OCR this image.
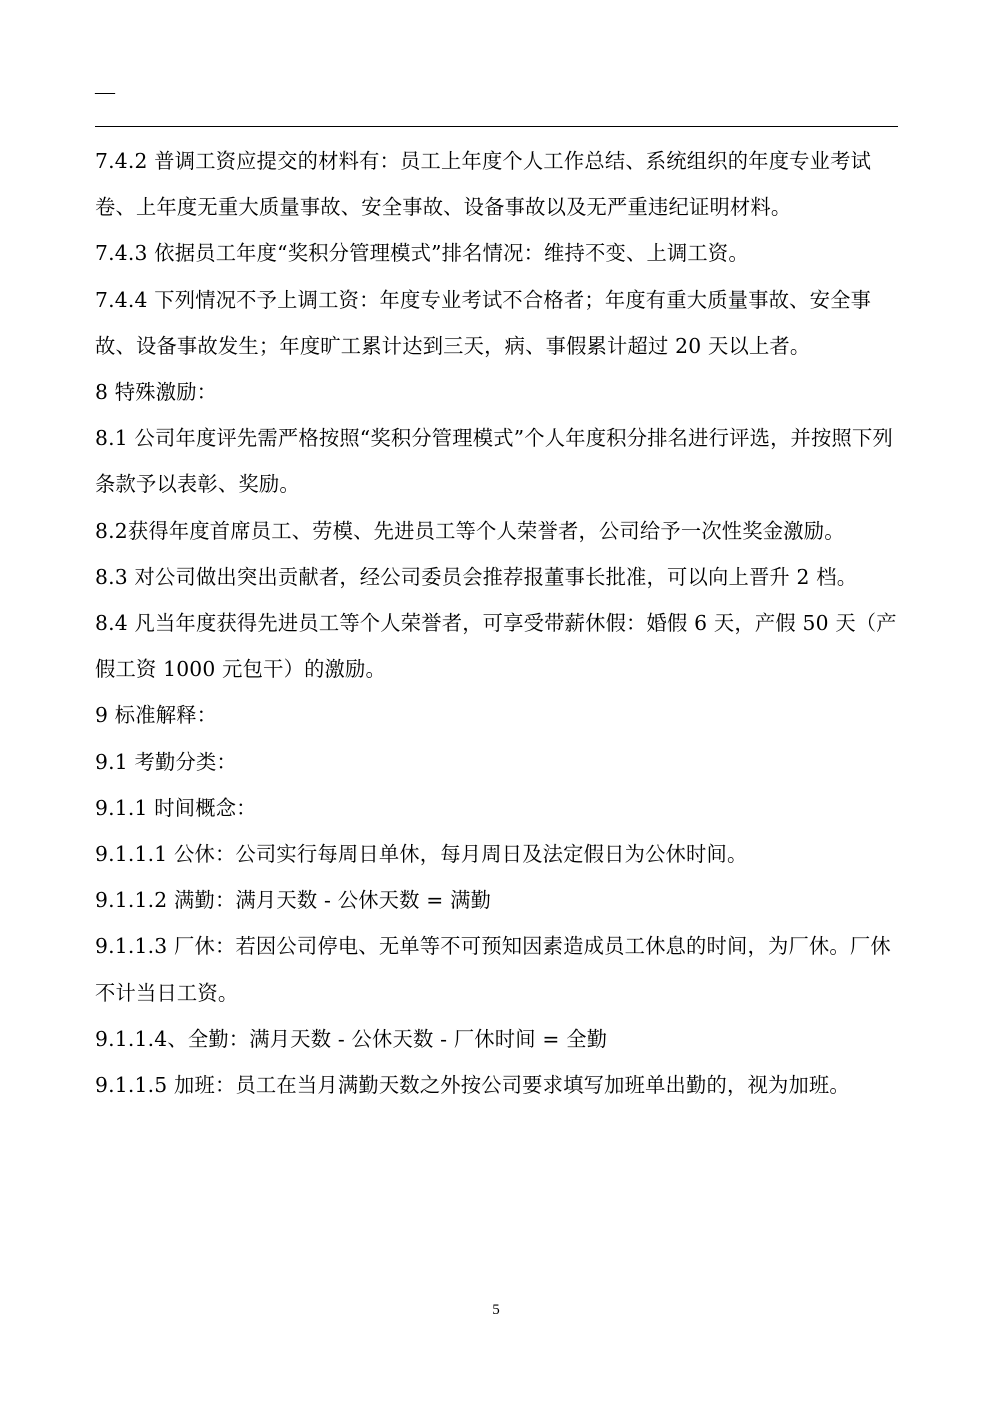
—

7.4.2 普调工资应提交的材料有：员工上年度个人工作总结、系统组织的年度专业考试卷、上年度无重大质量事故、安全事故、设备事故以及无严重违纪证明材料。

7.4.3 依据员工年度“奖积分管理模式”排名情况：维持不变、上调工资。

7.4.4 下列情况不予上调工资：年度专业考试不合格者；年度有重大质量事故、安全事故、设备事故发生；年度旷工累计达到三天，病、事假累计超过 20 天以上者。

8 特殊激励：

8.1 公司年度评先需严格按照“奖积分管理模式”个人年度积分排名进行评选，并按照下列条款予以表彰、奖励。

8.2获得年度首席员工、劳模、先进员工等个人荣誉者，公司给予一次性奖金激励。

8.3 对公司做出突出贡献者，经公司委员会推荐报董事长批准，可以向上晋升 2 档。

8.4 凡当年度获得先进员工等个人荣誉者，可享受带薪休假：婚假 6 天，产假 50 天（产假工资 1000 元包干）的激励。

9 标准解释：

9.1 考勤分类：

9.1.1 时间概念：

9.1.1.1 公休：公司实行每周日单休，每月周日及法定假日为公休时间。

9.1.1.2 满勤：满月天数 - 公休天数 = 满勤

9.1.1.3 厂休：若因公司停电、无单等不可预知因素造成员工休息的时间，为厂休。厂休不计当日工资。

9.1.1.4、全勤：满月天数 - 公休天数 - 厂休时间 = 全勤

9.1.1.5 加班：员工在当月满勤天数之外按公司要求填写加班单出勤的，视为加班。

5
